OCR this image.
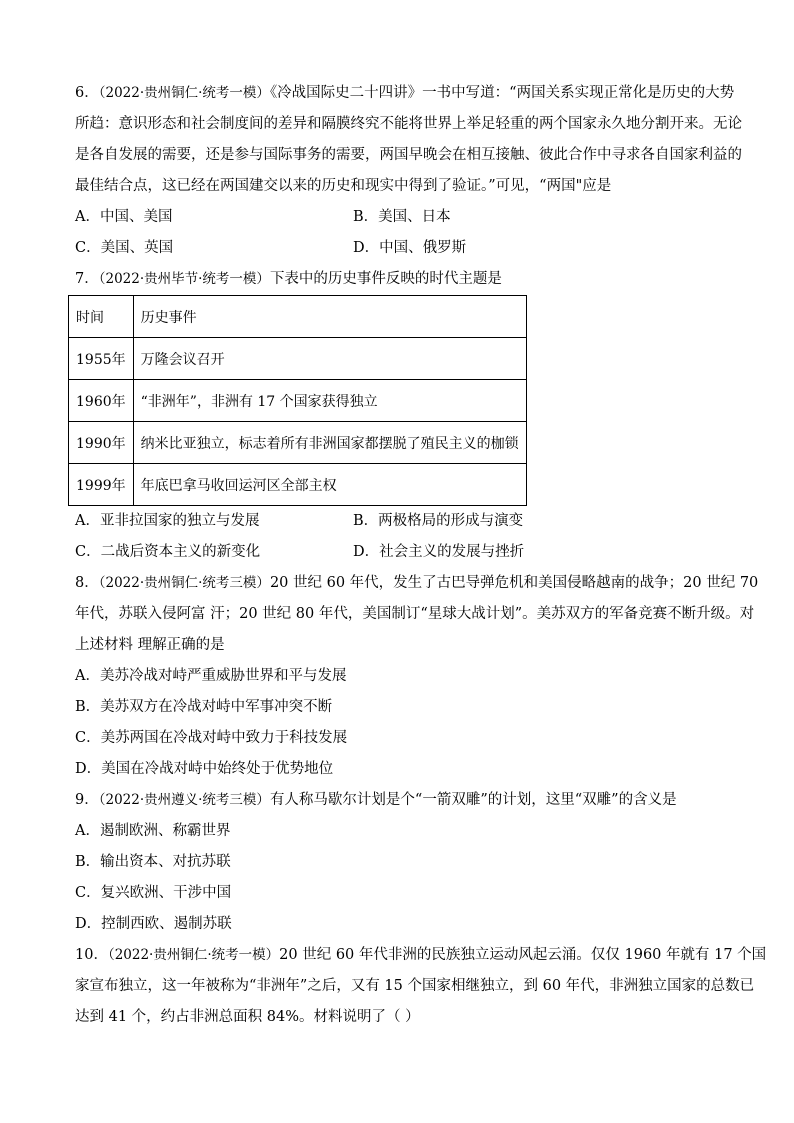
6．（2022·贵州铜仁·统考一模）《冷战国际史二十四讲》一书中写道：“两国关系实现正常化是历史的大势
所趋：意识形态和社会制度间的差异和隔膜终究不能将世界上举足轻重的两个国家永久地分割开来。无论
是各自发展的需要，还是参与国际事务的需要，两国早晚会在相互接触、彼此合作中寻求各自国家利益的
最佳结合点，这已经在两国建交以来的历史和现实中得到了验证。”可见，“两国"应是
A．中国、美国	B．美国、日本
C．美国、英国	D．中国、俄罗斯
7．（2022·贵州毕节·统考一模）下表中的历史事件反映的时代主题是
时间	历史事件
1955年	万隆会议召开
1960年	“非洲年”，非洲有 17 个国家获得独立
1990年	纳米比亚独立，标志着所有非洲国家都摆脱了殖民主义的枷锁
1999年	年底巴拿马收回运河区全部主权
A．亚非拉国家的独立与发展	B．两极格局的形成与演变
C．二战后资本主义的新变化	D．社会主义的发展与挫折
8．（2022·贵州铜仁·统考三模）20 世纪 60 年代，发生了古巴导弹危机和美国侵略越南的战争；20 世纪 70
年代，苏联入侵阿富 汗；20 世纪 80 年代，美国制订“星球大战计划”。美苏双方的军备竞赛不断升级。对
上述材料 理解正确的是
A．美苏冷战对峙严重威胁世界和平与发展
B．美苏双方在冷战对峙中军事冲突不断
C．美苏两国在冷战对峙中致力于科技发展
D．美国在冷战对峙中始终处于优势地位
9．（2022·贵州遵义·统考三模）有人称马歇尔计划是个“一箭双雕”的计划，这里“双雕”的含义是
A．遏制欧洲、称霸世界
B．输出资本、对抗苏联
C．复兴欧洲、干涉中国
D．控制西欧、遏制苏联
10．（2022·贵州铜仁·统考一模）20 世纪 60 年代非洲的民族独立运动风起云涌。仅仅 1960 年就有 17 个国
家宣布独立，这一年被称为“非洲年”之后，又有 15 个国家相继独立，到 60 年代，非洲独立国家的总数已
达到 41 个，约占非洲总面积 84%。材料说明了（ ）
